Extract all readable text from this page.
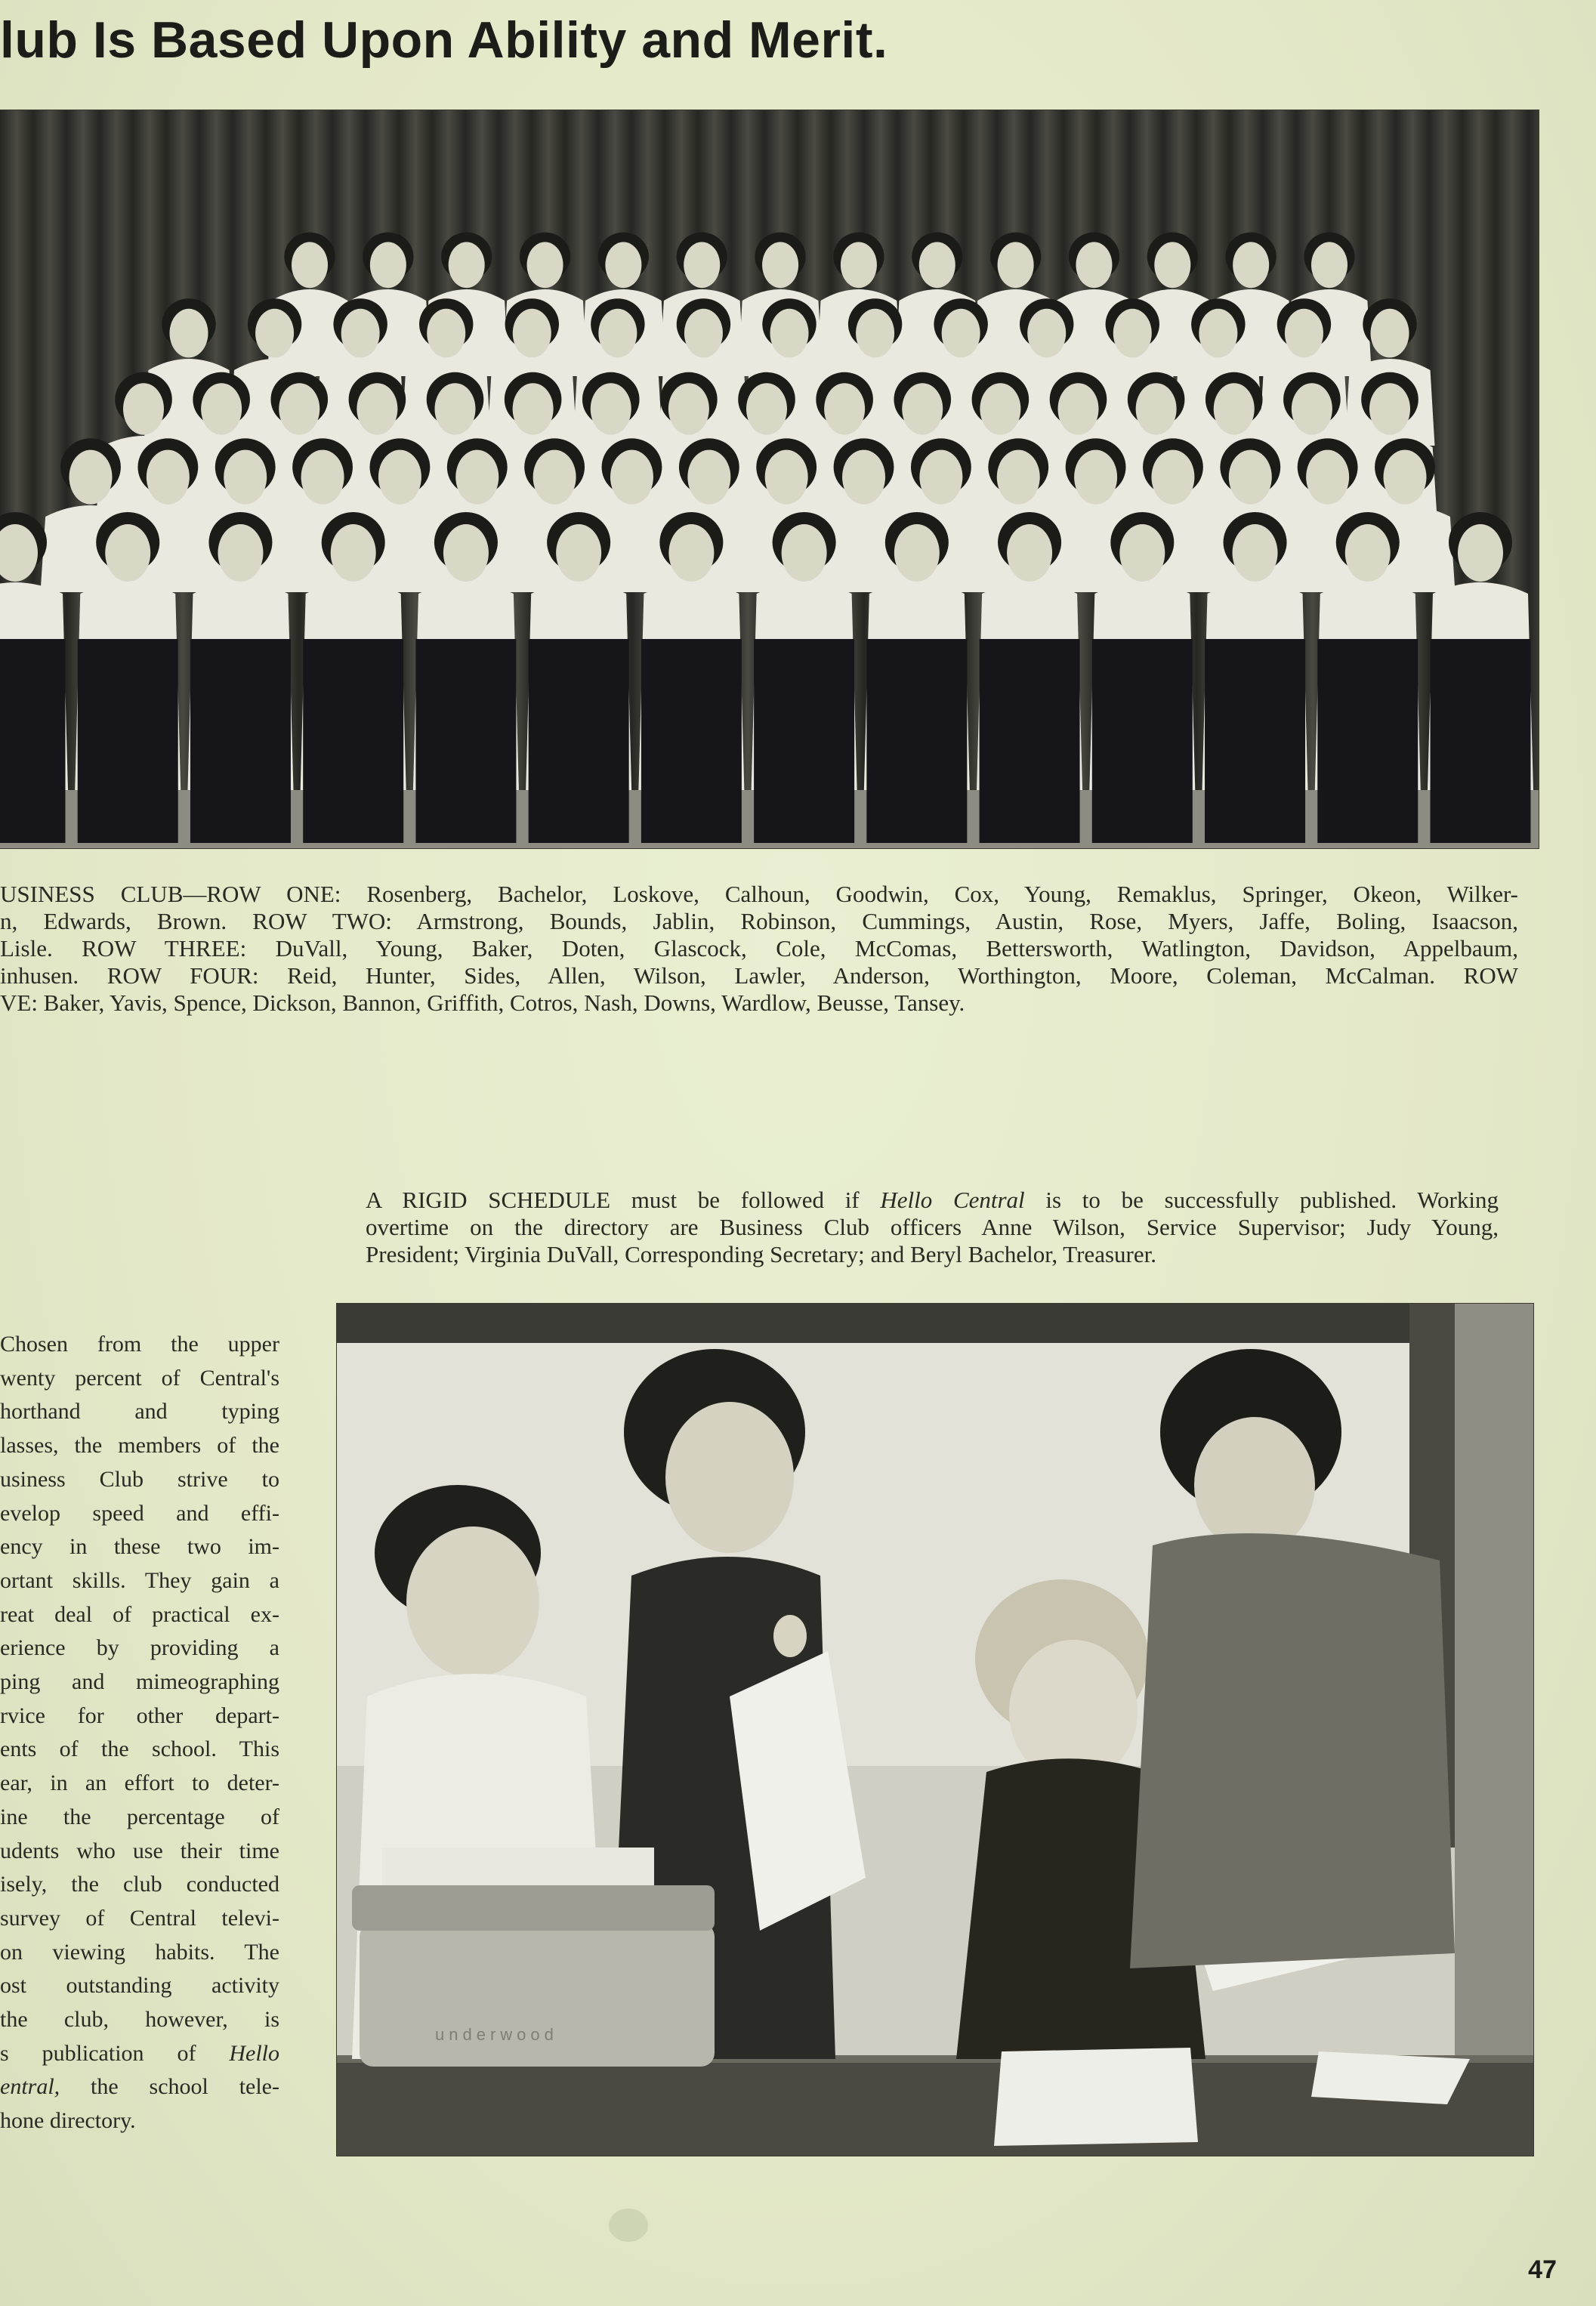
lub Is Based Upon Ability and Merit.
USINESS CLUB—ROW ONE: Rosenberg, Bachelor, Loskove, Calhoun, Goodwin, Cox, Young, Remaklus, Springer, Okeon, Wilker-
n, Edwards, Brown. ROW TWO: Armstrong, Bounds, Jablin, Robinson, Cummings, Austin, Rose, Myers, Jaffe, Boling, Isaacson,
Lisle. ROW THREE: DuVall, Young, Baker, Doten, Glascock, Cole, McComas, Bettersworth, Watlington, Davidson, Appelbaum,
inhusen. ROW FOUR: Reid, Hunter, Sides, Allen, Wilson, Lawler, Anderson, Worthington, Moore, Coleman, McCalman. ROW
VE: Baker, Yavis, Spence, Dickson, Bannon, Griffith, Cotros, Nash, Downs, Wardlow, Beusse, Tansey.
A RIGID SCHEDULE must be followed if Hello Central is to be successfully published. Working
overtime on the directory are Business Club officers Anne Wilson, Service Supervisor; Judy Young,
President; Virginia DuVall, Corresponding Secretary; and Beryl Bachelor, Treasurer.
Chosen from the upper
wenty percent of Central's
horthand and typing
lasses, the members of the
usiness Club strive to
evelop speed and effi-
ency in these two im-
ortant skills. They gain a
reat deal of practical ex-
erience by providing a
ping and mimeographing
rvice for other depart-
ents of the school. This
ear, in an effort to deter-
ine the percentage of
udents who use their time
isely, the club conducted
survey of Central televi-
on viewing habits. The
ost outstanding activity
the club, however, is
s publication of Hello
entral, the school tele-
hone directory.
underwood
47
